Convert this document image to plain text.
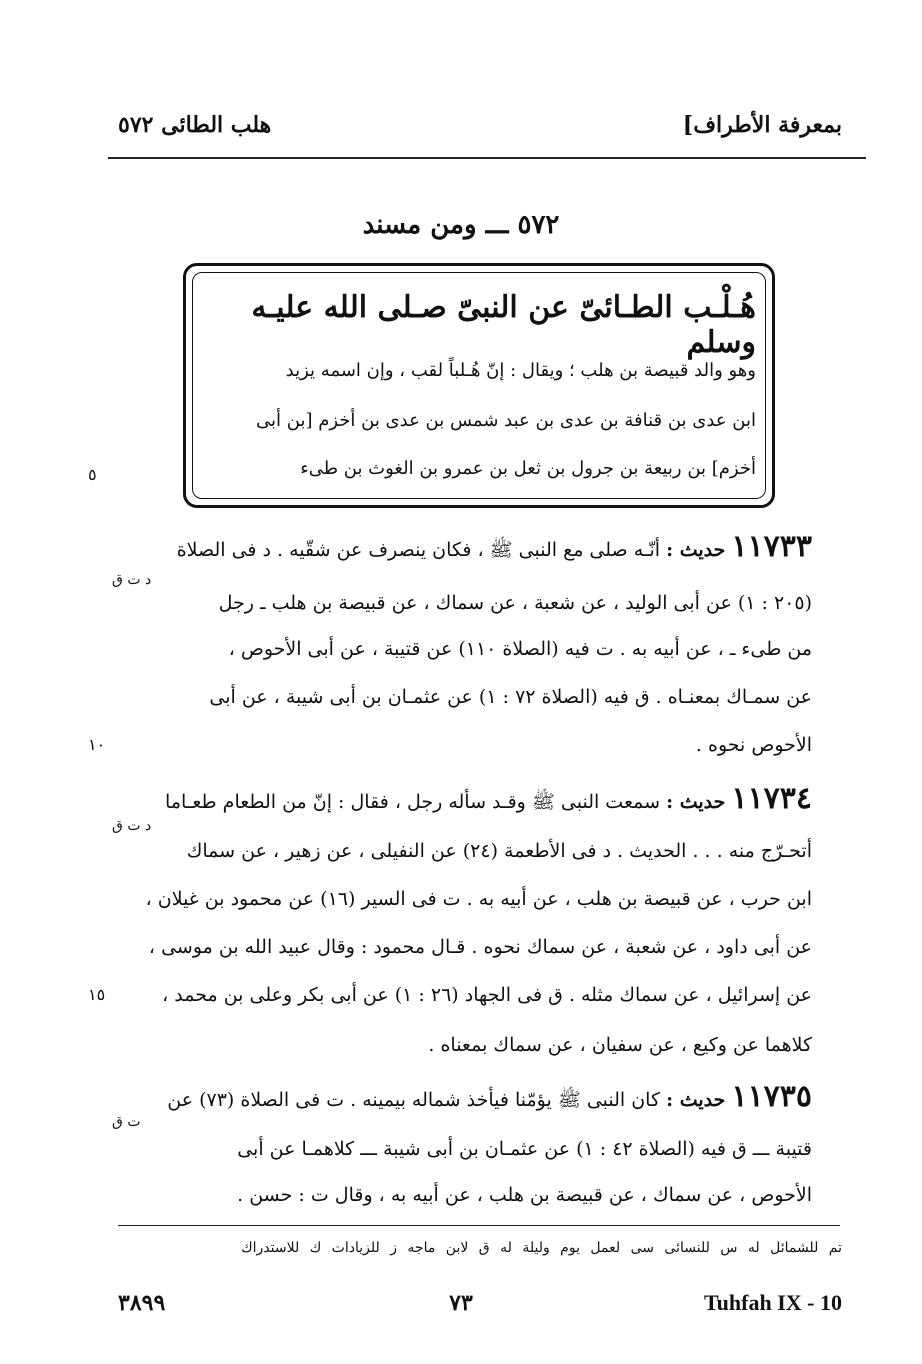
هلب الطائى ٥٧٢	بمعرفة الأطراف]
٥٧٢ ـــ ومن مسند
هُـلْـب الطـائىّ عن النبىّ صـلى الله عليـه وسلم
وهو والد قبيصة بن هلب ؛ ويقال : إنّ هُـلباً لقب ، وإن اسمه يزيد
ابن عدى بن قنافة بن عدى بن عبد شمس بن عدى بن أخزم [بن أبى
أخزم] بن ربيعة بن جرول بن ثعل بن عمرو بن الغوث بن طىء
٥
١٠
١٥
١١٧٣٣ حديث : أنّـه صلى مع النبى ﷺ ، فكان ينصرف عن شقّيه . د فى الصلاة
د ت ق
(٢٠٥ : ١) عن أبى الوليد ، عن شعبة ، عن سماك ، عن قبيصة بن هلب ـ رجل
من طىء ـ ، عن أبيه به . ت فيه (الصلاة ١١٠) عن قتيبة ، عن أبى الأحوص ،
عن سمـاك بمعنـاه . ق فيه (الصلاة ٧٢ : ١) عن عثمـان بن أبى شيبة ، عن أبى
الأحوص نحوه .
١١٧٣٤ حديث : سمعت النبى ﷺ وقـد سأله رجل ، فقال : إنّ من الطعام طعـاما
د ت ق
أتحـرّج منه . . . الحديث . د فى الأطعمة (٢٤) عن النفيلى ، عن زهير ، عن سماك
ابن حرب ، عن قبيصة بن هلب ، عن أبيه به . ت فى السير (١٦) عن محمود بن غيلان ،
عن أبى داود ، عن شعبة ، عن سماك نحوه . قـال محمود : وقال عبيد الله بن موسى ،
عن إسرائيل ، عن سماك مثله . ق فى الجهاد (٢٦ : ١) عن أبى بكر وعلى بن محمد ،
كلاهما عن وكيع ، عن سفيان ، عن سماك بمعناه .
١١٧٣٥ حديث : كان النبى ﷺ يؤمّنا فيأخذ شماله بيمينه . ت فى الصلاة (٧٣) عن
ت ق
قتيبة ـــ ق فيه (الصلاة ٤٢ : ١) عن عثمـان بن أبى شيبة ـــ كلاهمـا عن أبى
الأحوص ، عن سماك ، عن قبيصة بن هلب ، عن أبيه به ، وقال ت : حسن .
تم للشمائل له س للنسائى سى لعمل يوم وليلة له ق لابن ماجه ز للزيادات ك للاستدراك
٣٨٩٩	٧٣	Tuhfah IX - 10
